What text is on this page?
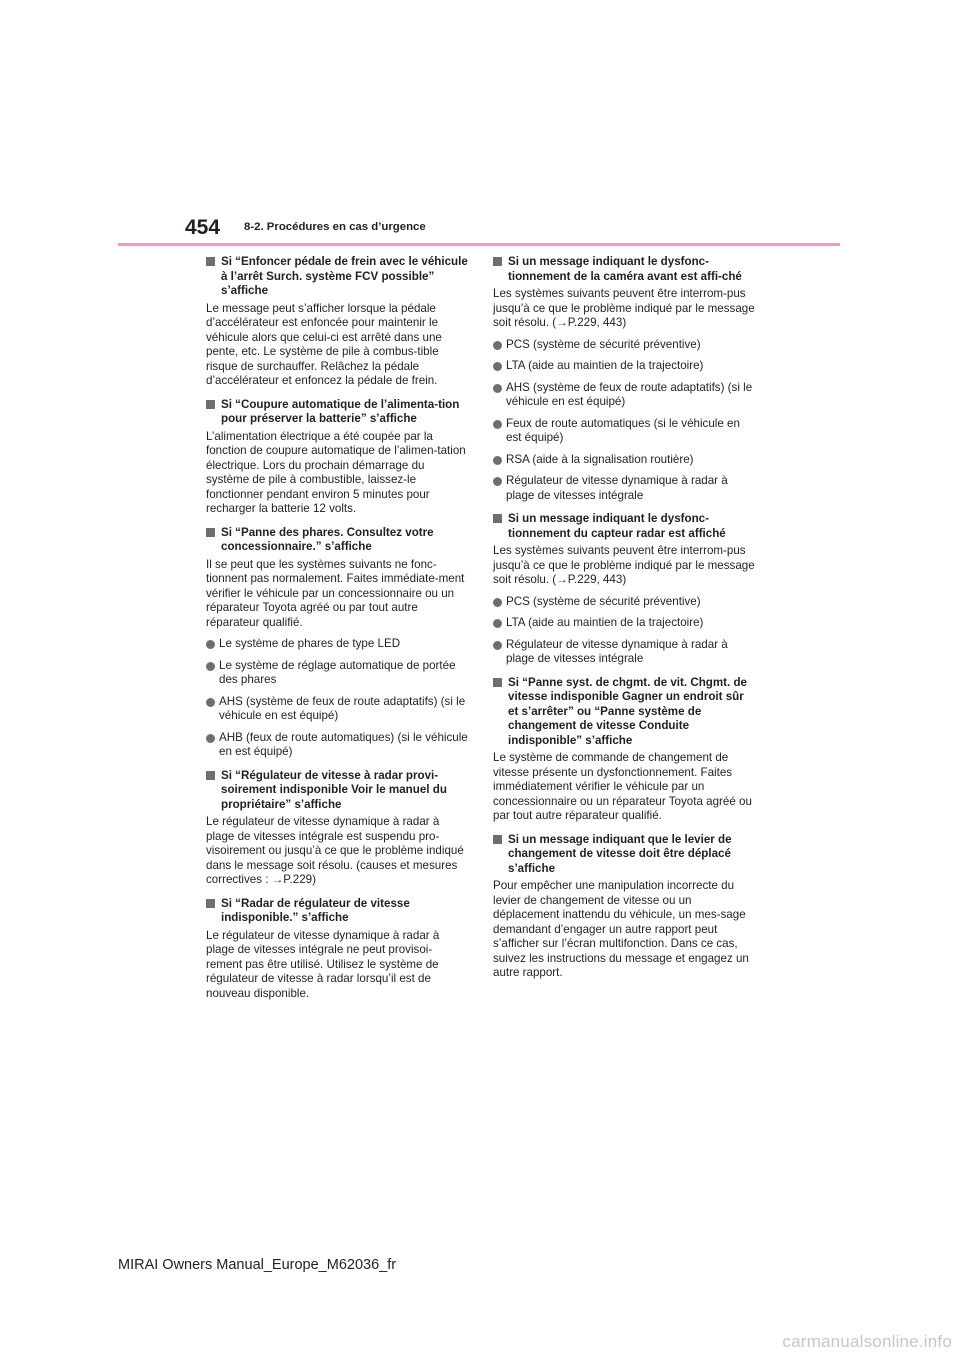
454 8-2. Procédures en cas d’urgence
Si “Enfoncer pédale de frein avec le véhicule à l’arrêt Surch. système FCV possible” s’affiche
Le message peut s’afficher lorsque la pédale d’accélérateur est enfoncée pour maintenir le véhicule alors que celui-ci est arrêté dans une pente, etc. Le système de pile à combus-tible risque de surchauffer. Relâchez la pédale d’accélérateur et enfoncez la pédale de frein.
Si “Coupure automatique de l’alimenta-tion pour préserver la batterie” s’affiche
L’alimentation électrique a été coupée par la fonction de coupure automatique de l’alimen-tation électrique. Lors du prochain démarrage du système de pile à combustible, laissez-le fonctionner pendant environ 5 minutes pour recharger la batterie 12 volts.
Si “Panne des phares. Consultez votre concessionnaire.” s’affiche
Il se peut que les systèmes suivants ne fonc-tionnent pas normalement. Faites immédiate-ment vérifier le véhicule par un concessionnaire ou un réparateur Toyota agréé ou par tout autre réparateur qualifié.
Le système de phares de type LED
Le système de réglage automatique de portée des phares
AHS (système de feux de route adaptatifs) (si le véhicule en est équipé)
AHB (feux de route automatiques) (si le véhicule en est équipé)
Si “Régulateur de vitesse à radar provi-soirement indisponible Voir le manuel du propriétaire” s’affiche
Le régulateur de vitesse dynamique à radar à plage de vitesses intégrale est suspendu pro-visoirement ou jusqu’à ce que le problème indiqué dans le message soit résolu. (causes et mesures correctives : →P.229)
Si “Radar de régulateur de vitesse indisponible.” s’affiche
Le régulateur de vitesse dynamique à radar à plage de vitesses intégrale ne peut provisoi-rement pas être utilisé. Utilisez le système de régulateur de vitesse à radar lorsqu’il est de nouveau disponible.
Si un message indiquant le dysfonc-tionnement de la caméra avant est affi-ché
Les systèmes suivants peuvent être interrom-pus jusqu’à ce que le problème indiqué par le message soit résolu. (→P.229, 443)
PCS (système de sécurité préventive)
LTA (aide au maintien de la trajectoire)
AHS (système de feux de route adaptatifs) (si le véhicule en est équipé)
Feux de route automatiques (si le véhicule en est équipé)
RSA (aide à la signalisation routière)
Régulateur de vitesse dynamique à radar à plage de vitesses intégrale
Si un message indiquant le dysfonc-tionnement du capteur radar est affiché
Les systèmes suivants peuvent être interrom-pus jusqu’à ce que le problème indiqué par le message soit résolu. (→P.229, 443)
PCS (système de sécurité préventive)
LTA (aide au maintien de la trajectoire)
Régulateur de vitesse dynamique à radar à plage de vitesses intégrale
Si “Panne syst. de chgmt. de vit. Chgmt. de vitesse indisponible Gagner un endroit sûr et s’arrêter” ou “Panne système de changement de vitesse Conduite indisponible” s’affiche
Le système de commande de changement de vitesse présente un dysfonctionnement. Faites immédiatement vérifier le véhicule par un concessionnaire ou un réparateur Toyota agréé ou par tout autre réparateur qualifié.
Si un message indiquant que le levier de changement de vitesse doit être déplacé s’affiche
Pour empêcher une manipulation incorrecte du levier de changement de vitesse ou un déplacement inattendu du véhicule, un mes-sage demandant d’engager un autre rapport peut s’afficher sur l’écran multifonction. Dans ce cas, suivez les instructions du message et engagez un autre rapport.
MIRAI Owners Manual_Europe_M62036_fr
carmanualsonline.info
